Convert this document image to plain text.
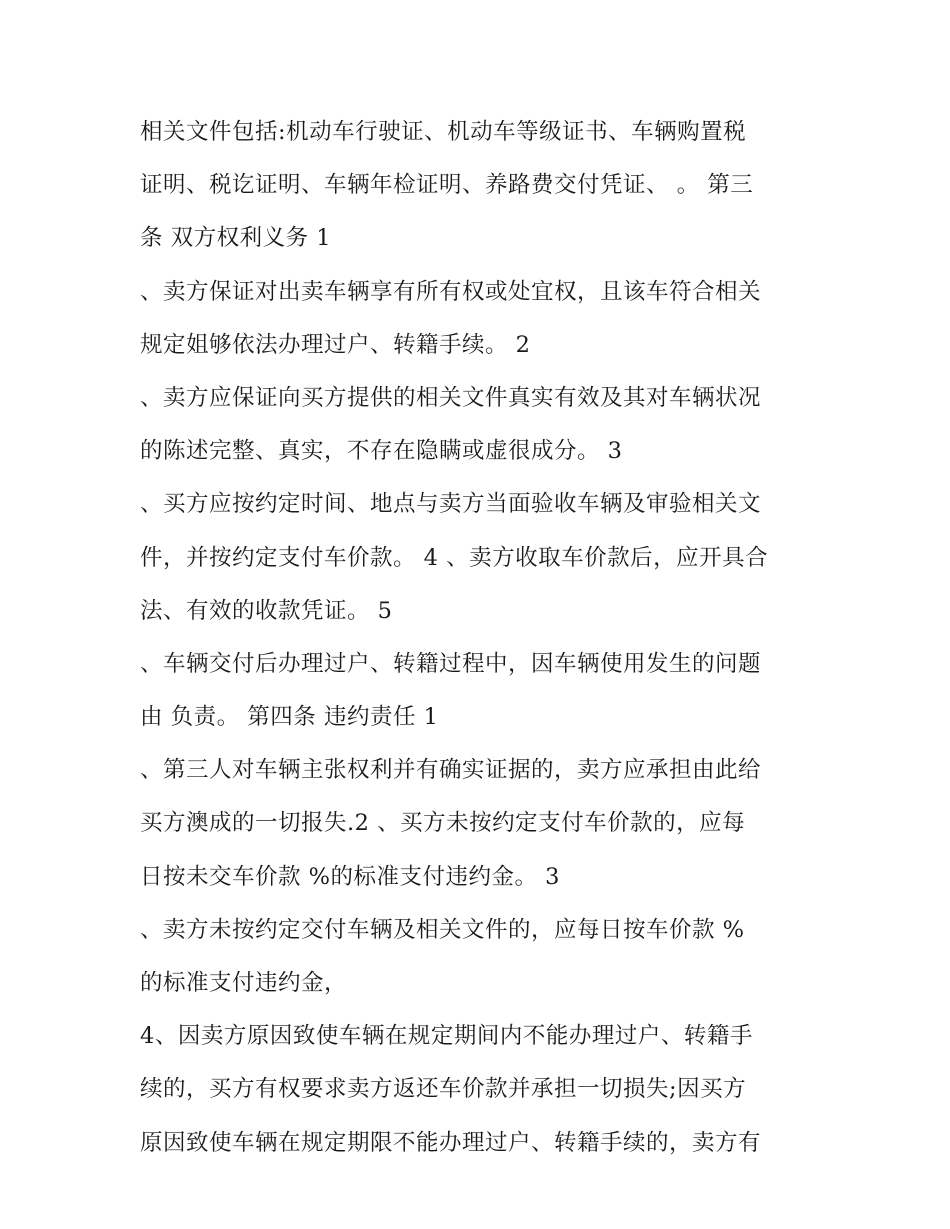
相关文件包括:机动车行驶证、机动车等级证书、车辆购置税
证明、税讫证明、车辆年检证明、养路费交付凭证、 。 第三
条 双方权利义务 1
、卖方保证对出卖车辆享有所有权或处宜权，且该车符合相关
规定姐够依法办理过户、转籍手续。 2
、卖方应保证向买方提供的相关文件真实有效及其对车辆状况
的陈述完整、真实，不存在隐瞒或虚很成分。 3
、买方应按约定时间、地点与卖方当面验收车辆及审验相关文
件，并按约定支付车价款。 4 、卖方收取车价款后，应开具合
法、有效的收款凭证。 5
、车辆交付后办理过户、转籍过程中，因车辆使用发生的问题
由 负责。 第四条 违约责任 1
、第三人对车辆主张权利并有确实证据的，卖方应承担由此给
买方澳成的一切报失.2 、买方未按约定支付车价款的，应每
日按未交车价款 %的标准支付违约金。 3
、卖方未按约定交付车辆及相关文件的，应每日按车价款 %
的标准支付违约金，
4、因卖方原因致使车辆在规定期间内不能办理过户、转籍手
续的，买方有权要求卖方返还车价款并承担一切损失;因买方
原因致使车辆在规定期限不能办理过户、转籍手续的，卖方有
